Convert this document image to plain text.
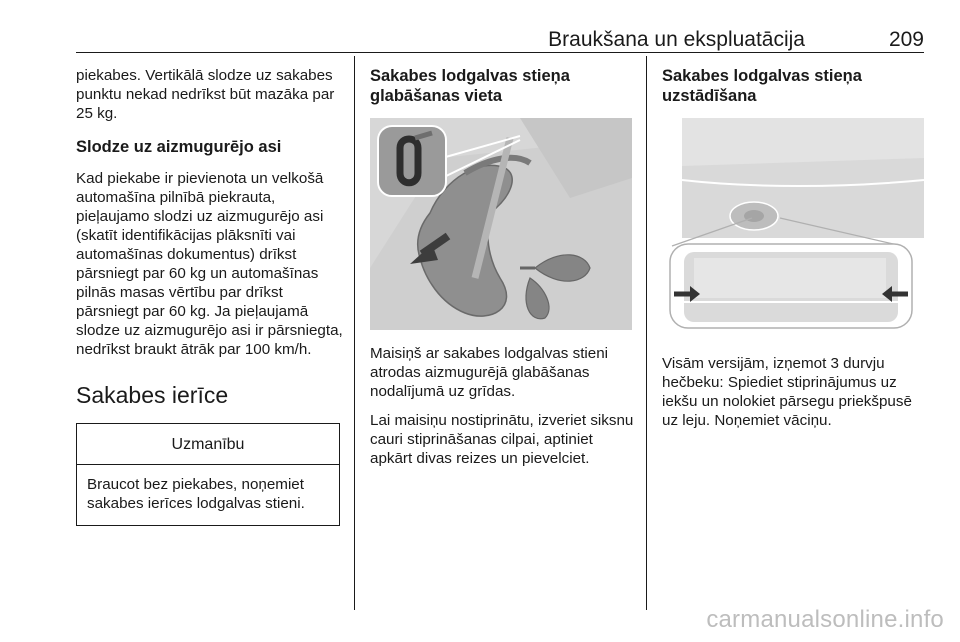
Braukšana un ekspluatācija	209

piekabes. Vertikālā slodze uz sakabes punktu nekad nedrīkst būt mazāka par 25 kg.

Slodze uz aizmugurējo asi

Kad piekabe ir pievienota un velkošā automašīna pilnībā piekrauta, pieļaujamo slodzi uz aizmugurējo asi (skatīt identifikācijas plāksnīti vai automašīnas dokumentus) drīkst pārsniegt par 60 kg un automašīnas pilnās masas vērtību par drīkst pārsniegt par 60 kg. Ja pieļaujamā slodze uz aizmugurējo asi ir pārsniegta, nedrīkst braukt ātrāk par 100 km/h.

Sakabes ierīce
Uzmanību
Braucot bez piekabes, noņemiet sakabes ierīces lodgalvas stieni.
Sakabes lodgalvas stieņa glabāšanas vieta

Maisiņš ar sakabes lodgalvas stieni atrodas aizmugurējā glabāšanas nodalījumā uz grīdas.

Lai maisiņu nostiprinātu, izveriet siksnu cauri stiprināšanas cilpai, aptiniet apkārt divas reizes un pievelciet.

Sakabes lodgalvas stieņa uzstādīšana

Visām versijām, izņemot 3 durvju hečbeku: Spiediet stiprinājumus uz iekšu un nolokiet pārsegu priekšpusē uz leju. Noņemiet vāciņu.

carmanualsonline.info
